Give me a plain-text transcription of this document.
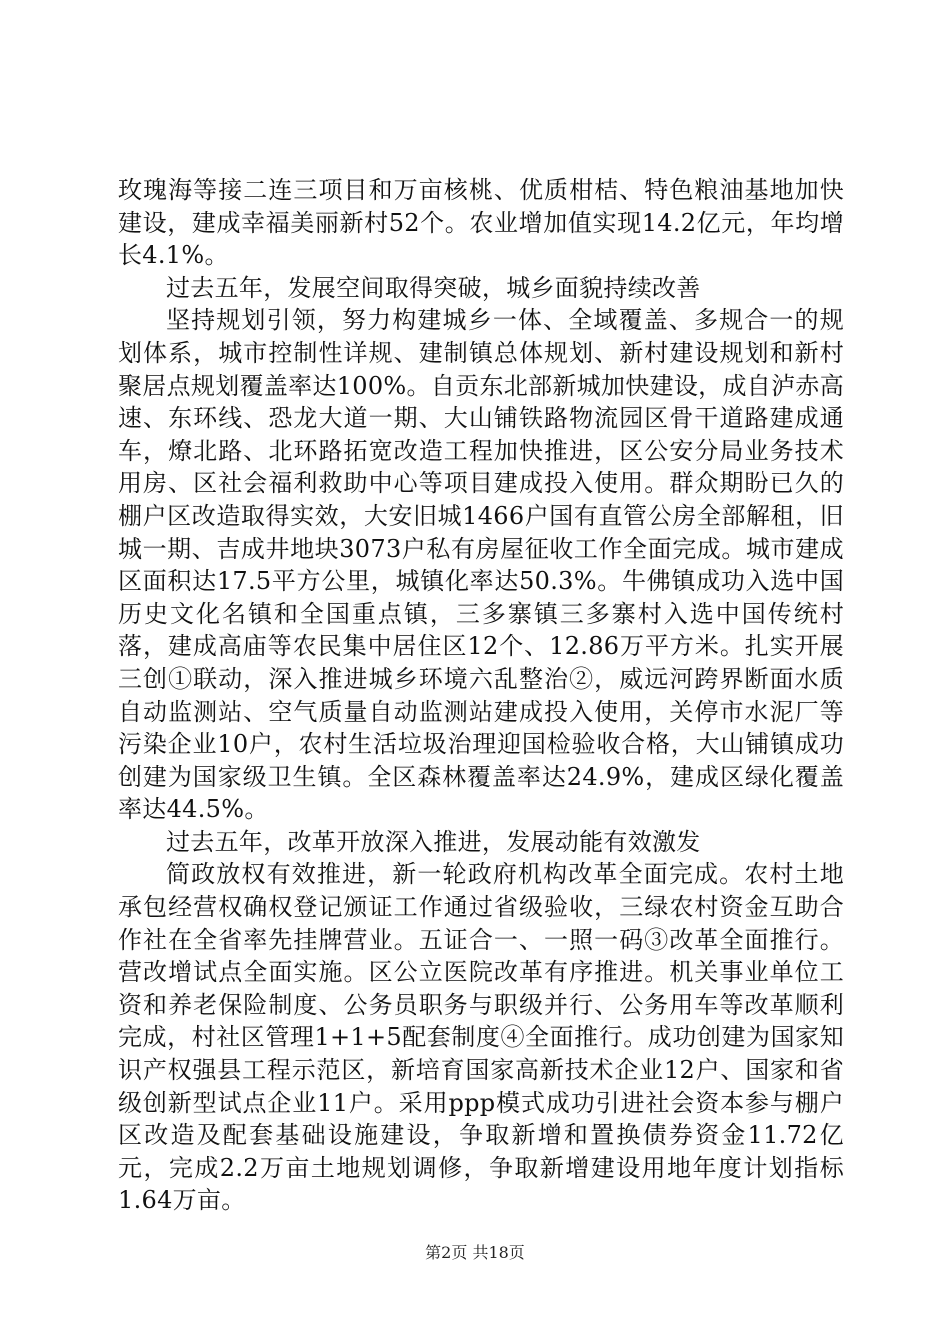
玫瑰海等接二连三项目和万亩核桃、优质柑桔、特色粮油基地加快建设，建成幸福美丽新村52个。农业增加值实现14.2亿元，年均增长4.1%。

过去五年，发展空间取得突破，城乡面貌持续改善

坚持规划引领，努力构建城乡一体、全域覆盖、多规合一的规划体系，城市控制性详规、建制镇总体规划、新村建设规划和新村聚居点规划覆盖率达100%。自贡东北部新城加快建设，成自泸赤高速、东环线、恐龙大道一期、大山铺铁路物流园区骨干道路建成通车，燎北路、北环路拓宽改造工程加快推进，区公安分局业务技术用房、区社会福利救助中心等项目建成投入使用。群众期盼已久的棚户区改造取得实效，大安旧城1466户国有直管公房全部解租，旧城一期、吉成井地块3073户私有房屋征收工作全面完成。城市建成区面积达17.5平方公里，城镇化率达50.3%。牛佛镇成功入选中国历史文化名镇和全国重点镇，三多寨镇三多寨村入选中国传统村落，建成高庙等农民集中居住区12个、12.86万平方米。扎实开展三创①联动，深入推进城乡环境六乱整治②，威远河跨界断面水质自动监测站、空气质量自动监测站建成投入使用，关停市水泥厂等污染企业10户，农村生活垃圾治理迎国检验收合格，大山铺镇成功创建为国家级卫生镇。全区森林覆盖率达24.9%，建成区绿化覆盖率达44.5%。

过去五年，改革开放深入推进，发展动能有效激发

简政放权有效推进，新一轮政府机构改革全面完成。农村土地承包经营权确权登记颁证工作通过省级验收，三绿农村资金互助合作社在全省率先挂牌营业。五证合一、一照一码③改革全面推行。营改增试点全面实施。区公立医院改革有序推进。机关事业单位工资和养老保险制度、公务员职务与职级并行、公务用车等改革顺利完成，村社区管理1+1+5配套制度④全面推行。成功创建为国家知识产权强县工程示范区，新培育国家高新技术企业12户、国家和省级创新型试点企业11户。采用ppp模式成功引进社会资本参与棚户区改造及配套基础设施建设，争取新增和置换债券资金11.72亿元，完成2.2万亩土地规划调修，争取新增建设用地年度计划指标1.64万亩。

第2页 共18页
